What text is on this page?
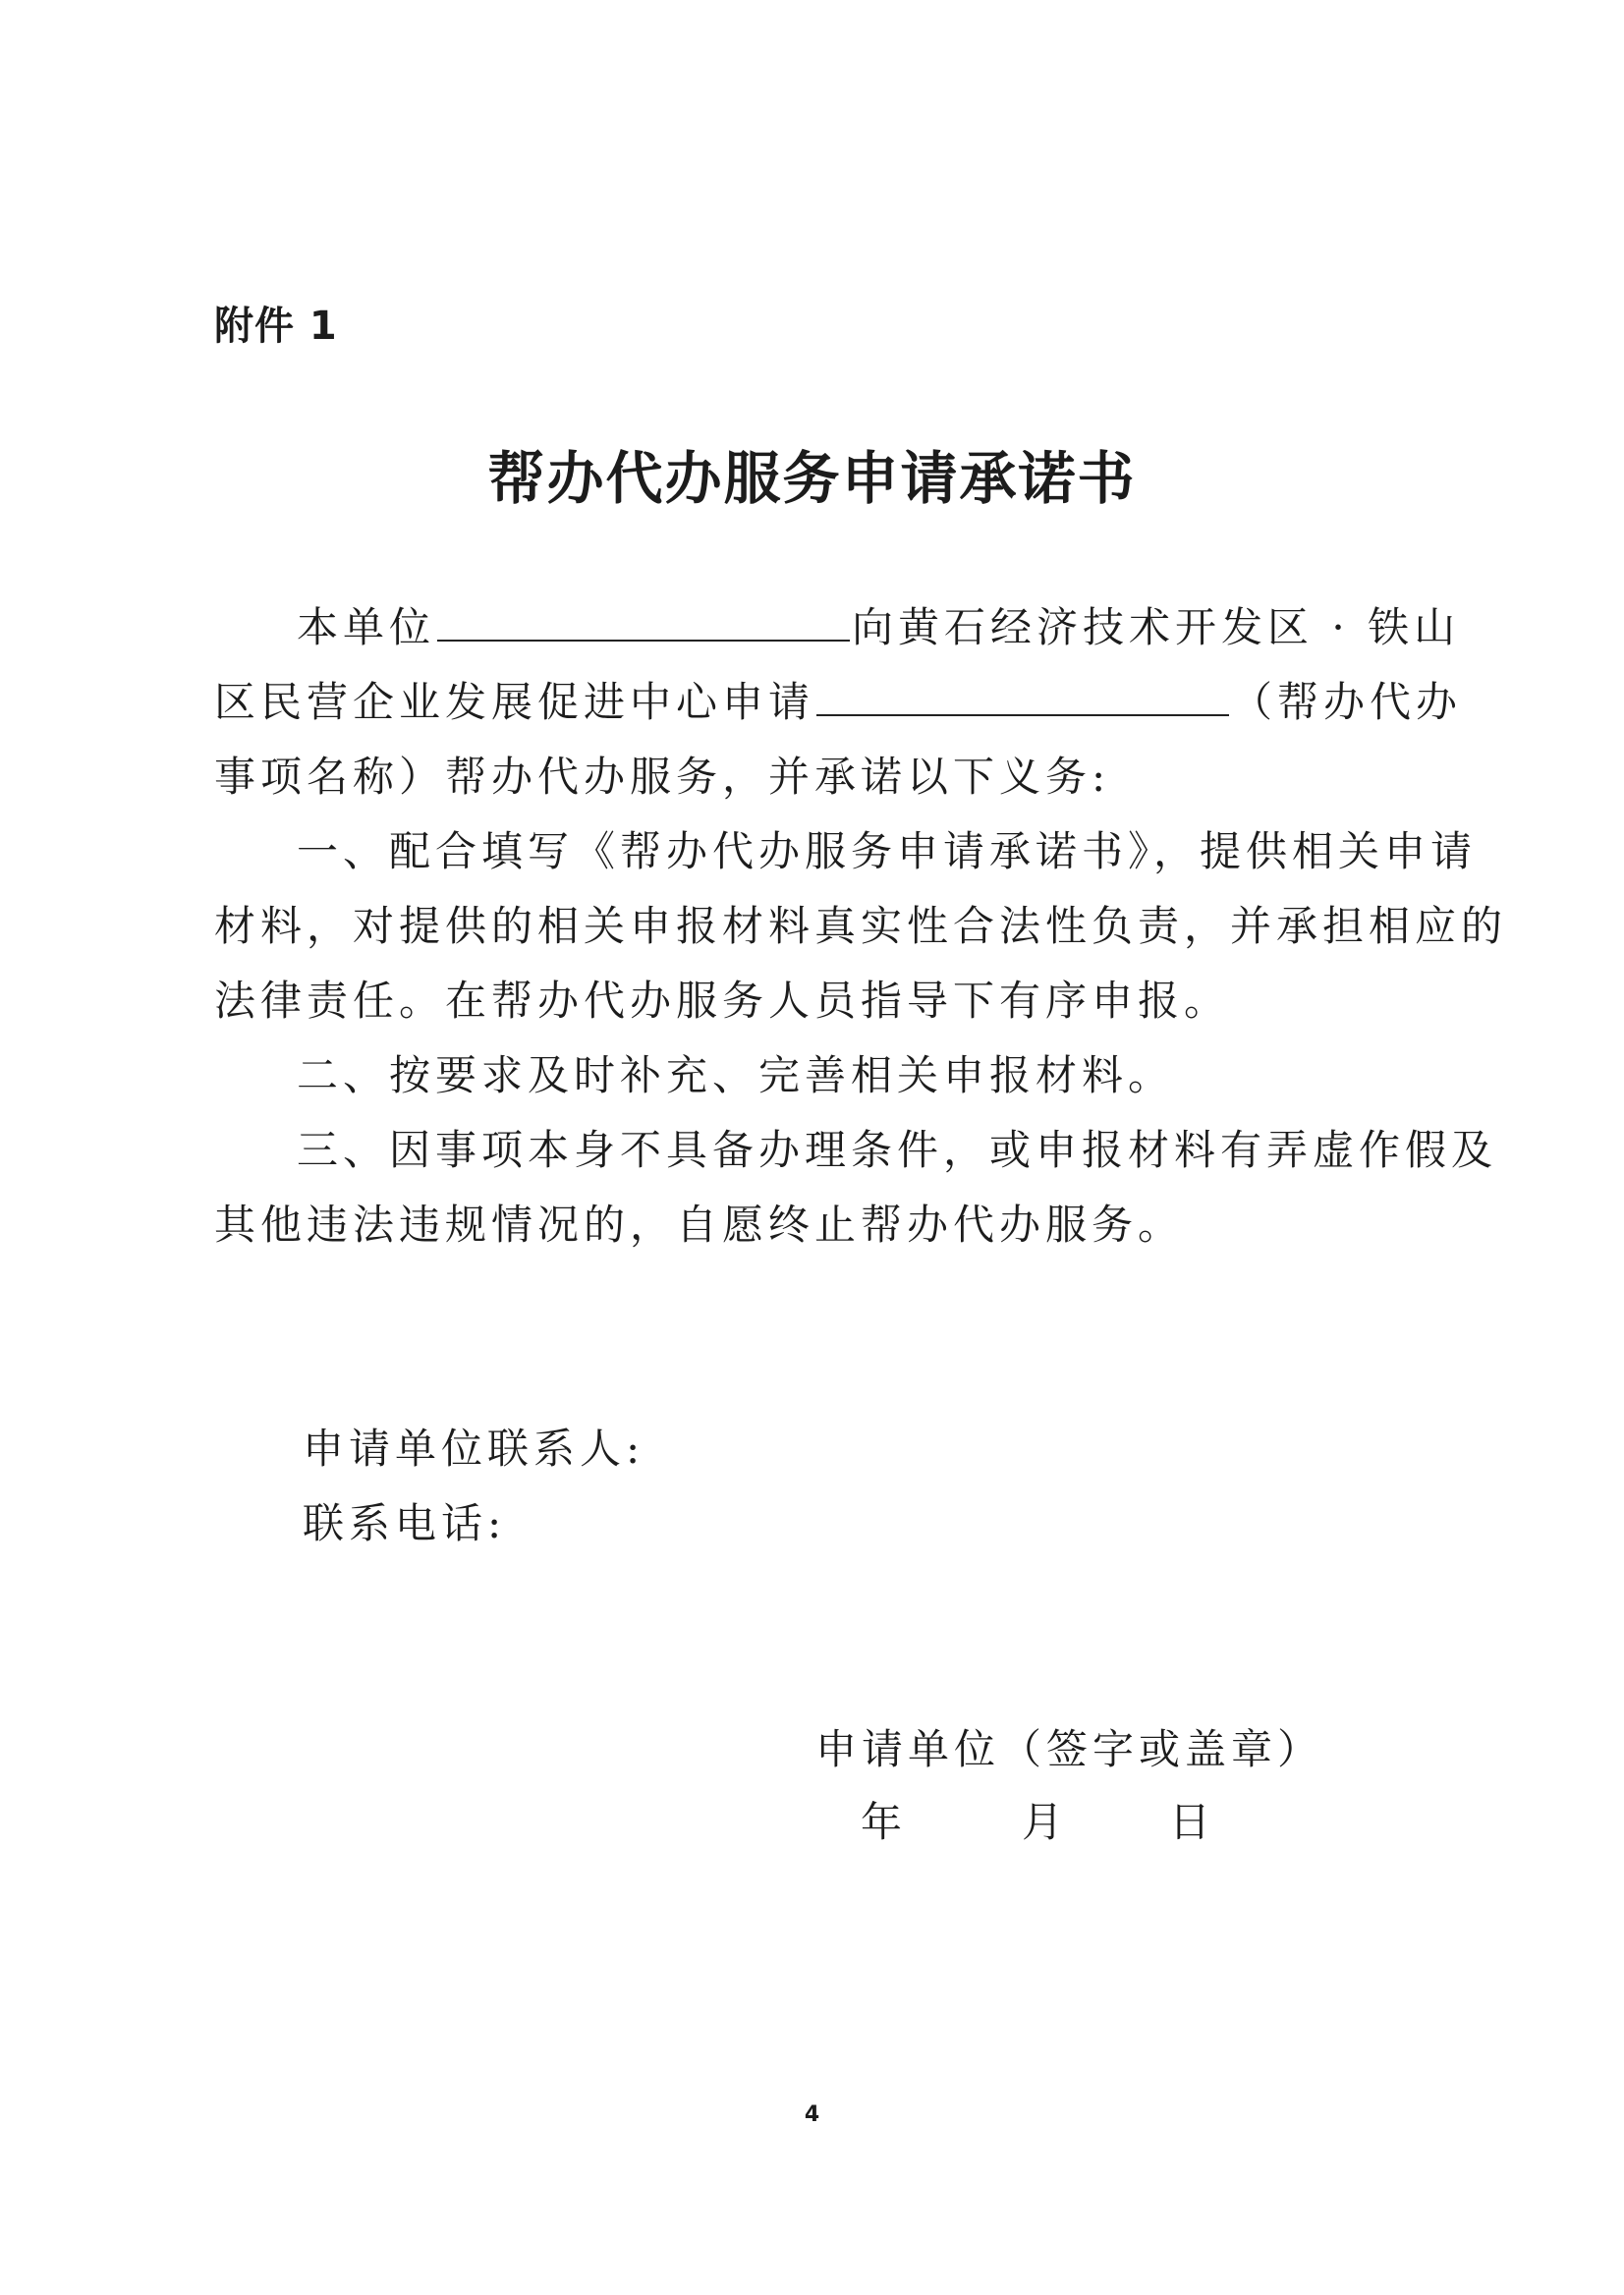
附件 1
帮办代办服务申请承诺书
本单位	向黄石经济技术开发区 · 铁山
区民营企业发展促进中心申请	（帮办代办
事项名称）帮办代办服务，并承诺以下义务:
一、配合填写《帮办代办服务申请承诺书》，提供相关申请
材料，对提供的相关申报材料真实性合法性负责，并承担相应的
法律责任。在帮办代办服务人员指导下有序申报。
二、按要求及时补充、完善相关申报材料。
三、因事项本身不具备办理条件，或申报材料有弄虚作假及
其他违法违规情况的，自愿终止帮办代办服务。
申请单位联系人:
联系电话:
申请单位（签字或盖章）
年	月	日
4
